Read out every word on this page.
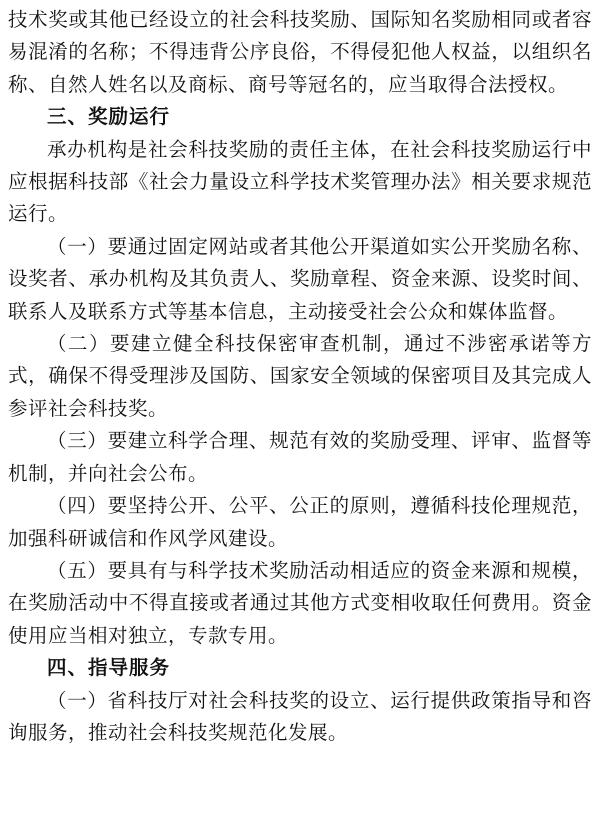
技术奖或其他已经设立的社会科技奖励、国际知名奖励相同或者容易混淆的名称；不得违背公序良俗，不得侵犯他人权益，以组织名称、自然人姓名以及商标、商号等冠名的，应当取得合法授权。

三、奖励运行

承办机构是社会科技奖励的责任主体，在社会科技奖励运行中应根据科技部《社会力量设立科学技术奖管理办法》相关要求规范运行。

（一）要通过固定网站或者其他公开渠道如实公开奖励名称、设奖者、承办机构及其负责人、奖励章程、资金来源、设奖时间、联系人及联系方式等基本信息，主动接受社会公众和媒体监督。

（二）要建立健全科技保密审查机制，通过不涉密承诺等方式，确保不得受理涉及国防、国家安全领域的保密项目及其完成人参评社会科技奖。

（三）要建立科学合理、规范有效的奖励受理、评审、监督等机制，并向社会公布。

（四）要坚持公开、公平、公正的原则，遵循科技伦理规范，加强科研诚信和作风学风建设。

（五）要具有与科学技术奖励活动相适应的资金来源和规模，在奖励活动中不得直接或者通过其他方式变相收取任何费用。资金使用应当相对独立，专款专用。

四、指导服务

（一）省科技厅对社会科技奖的设立、运行提供政策指导和咨询服务，推动社会科技奖规范化发展。
